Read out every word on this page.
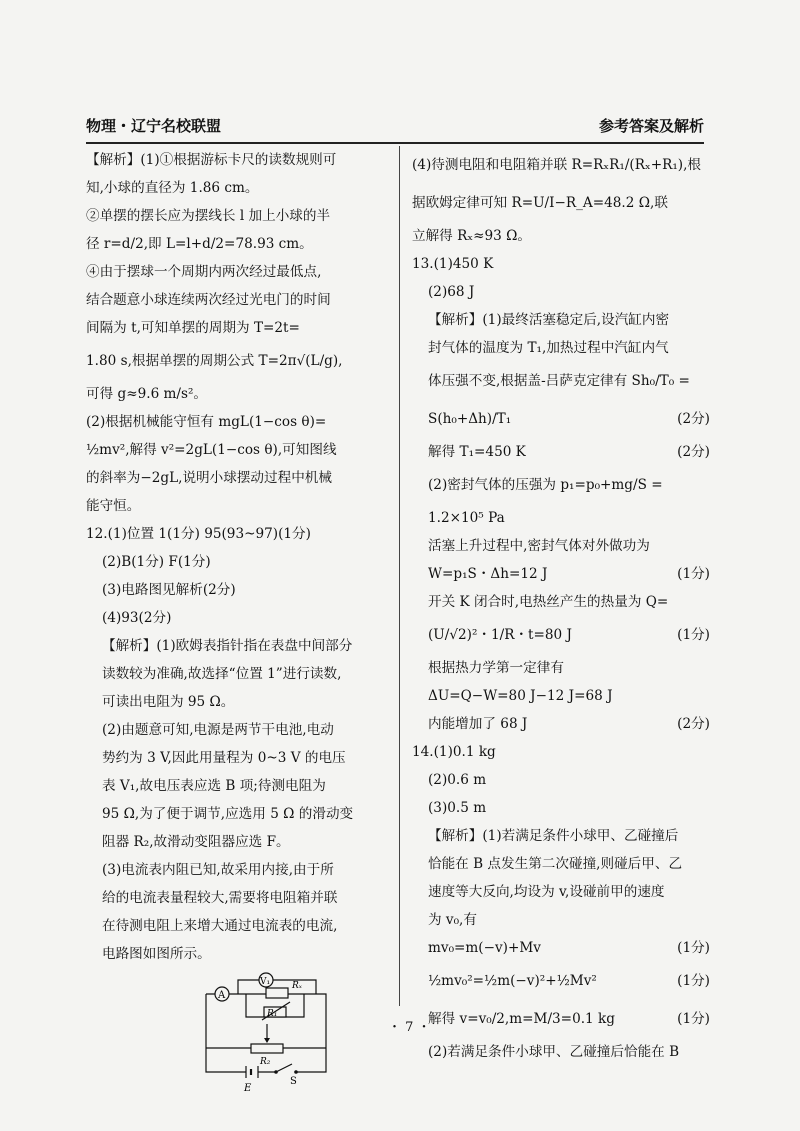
物理・辽宁名校联盟	参考答案及解析

【解析】(1)①根据游标卡尺的读数规则可

知,小球的直径为 1.86 cm。

②单摆的摆长应为摆线长 l 加上小球的半

径 r=d/2,即 L=l+d/2=78.93 cm。

④由于摆球一个周期内两次经过最低点,

结合题意小球连续两次经过光电门的时间

间隔为 t,可知单摆的周期为 T=2t=

1.80 s,根据单摆的周期公式 T=2π√(L/g),

可得 g≈9.6 m/s²。

(2)根据机械能守恒有 mgL(1−cos θ)=

½mv²,解得 v²=2gL(1−cos θ),可知图线

的斜率为−2gL,说明小球摆动过程中机械

能守恒。

12.(1)位置 1(1分) 95(93~97)(1分)

(2)B(1分) F(1分)

(3)电路图见解析(2分)

(4)93(2分)

【解析】(1)欧姆表指针指在表盘中间部分

读数较为准确,故选择“位置 1”进行读数,

可读出电阻为 95 Ω。

(2)由题意可知,电源是两节干电池,电动

势约为 3 V,因此用量程为 0~3 V 的电压

表 V₁,故电压表应选 B 项;待测电阻为

95 Ω,为了便于调节,应选用 5 Ω 的滑动变

阻器 R₂,故滑动变阻器应选 F。

(3)电流表内阻已知,故采用内接,由于所

给的电流表量程较大,需要将电阻箱并联

在待测电阻上来增大通过电流表的电流,

电路图如图所示。

A
V₁ Rₓ
R₁
R₂
E
S

(4)待测电阻和电阻箱并联 R=RₓR₁/(Rₓ+R₁),根

据欧姆定律可知 R=U/I−R_A=48.2 Ω,联

立解得 Rₓ≈93 Ω。

13.(1)450 K

(2)68 J

【解析】(1)最终活塞稳定后,设汽缸内密

封气体的温度为 T₁,加热过程中汽缸内气

体压强不变,根据盖-吕萨克定律有 Sh₀/T₀ =

S(h₀+Δh)/T₁	(2分)

解得 T₁=450 K	(2分)

(2)密封气体的压强为 p₁=p₀+mg/S =

1.2×10⁵ Pa

活塞上升过程中,密封气体对外做功为

W=p₁S・Δh=12 J	(1分)

开关 K 闭合时,电热丝产生的热量为 Q=

(U/√2)²・1/R・t=80 J	(1分)

根据热力学第一定律有

ΔU=Q−W=80 J−12 J=68 J

内能增加了 68 J	(2分)

14.(1)0.1 kg

(2)0.6 m

(3)0.5 m

【解析】(1)若满足条件小球甲、乙碰撞后

恰能在 B 点发生第二次碰撞,则碰后甲、乙

速度等大反向,均设为 v,设碰前甲的速度

为 v₀,有

mv₀=m(−v)+Mv	(1分)

½mv₀²=½m(−v)²+½Mv²	(1分)

解得 v=v₀/2,m=M/3=0.1 kg	(1分)

(2)若满足条件小球甲、乙碰撞后恰能在 B

・ 7 ・
